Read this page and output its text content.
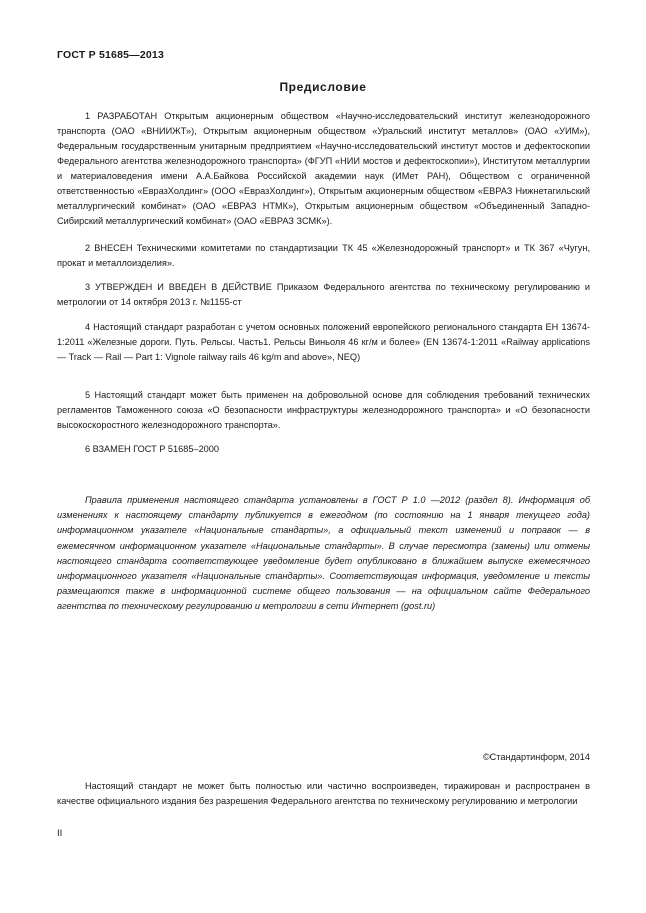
ГОСТ Р 51685—2013
Предисловие

1 РАЗРАБОТАН Открытым акционерным обществом «Научно-исследовательский институт железнодорожного транспорта (ОАО «ВНИИЖТ»), Открытым акционерным обществом «Уральский институт металлов» (ОАО «УИМ»), Федеральным государственным унитарным предприятием «Научно-исследовательский институт мостов и дефектоскопии Федерального агентства железнодорожного транспорта» (ФГУП «НИИ мостов и дефектоскопии»), Институтом металлургии и материаловедения имени А.А.Байкова Российской академии наук (ИМет РАН), Обществом с ограниченной ответственностью «ЕвразХолдинг» (ООО «ЕвразХолдинг»), Открытым акционерным обществом «ЕВРАЗ Нижнетагильский металлургический комбинат» (ОАО «ЕВРАЗ НТМК»), Открытым акционерным обществом «Объединенный Западно-Сибирский металлургический комбинат» (ОАО «ЕВРАЗ ЗСМК»).

2 ВНЕСЕН Техническими комитетами по стандартизации ТК 45 «Железнодорожный транспорт» и ТК 367 «Чугун, прокат и металлоизделия».

3 УТВЕРЖДЕН И ВВЕДЕН В ДЕЙСТВИЕ Приказом Федерального агентства по техническому регулированию и метрологии от 14 октября 2013 г. №1155-ст

4 Настоящий стандарт разработан с учетом основных положений европейского регионального стандарта ЕН 13674-1:2011 «Железные дороги. Путь. Рельсы. Часть1. Рельсы Виньоля 46 кг/м и более» (EN 13674-1:2011 «Railway applications — Track — Rail — Part 1: Vignole railway rails 46 kg/m and above», NEQ)

5 Настоящий стандарт может быть применен на добровольной основе для соблюдения требований технических регламентов Таможенного союза «О безопасности инфраструктуры железнодорожного транспорта» и «О безопасности высокоскоростного железнодорожного транспорта».

6 ВЗАМЕН ГОСТ Р 51685–2000

Правила применения настоящего стандарта установлены в ГОСТ Р 1.0 —2012 (раздел 8). Информация об изменениях к настоящему стандарту публикуется в ежегодном (по состоянию на 1 января текущего года) информационном указателе «Национальные стандарты», а официальный текст изменений и поправок — в ежемесячном информационном указателе «Национальные стандарты». В случае пересмотра (замены) или отмены настоящего стандарта соответствующее уведомление будет опубликовано в ближайшем выпуске ежемесячного информационного указателя «Национальные стандарты». Соответствующая информация, уведомление и тексты размещаются также в информационной системе общего пользования — на официальном сайте Федерального агентства по техническому регулированию и метрологии в сети Интернет (gost.ru)

©Стандартинформ, 2014

Настоящий стандарт не может быть полностью или частично воспроизведен, тиражирован и распространен в качестве официального издания без разрешения Федерального агентства по техническому регулированию и метрологии

II
